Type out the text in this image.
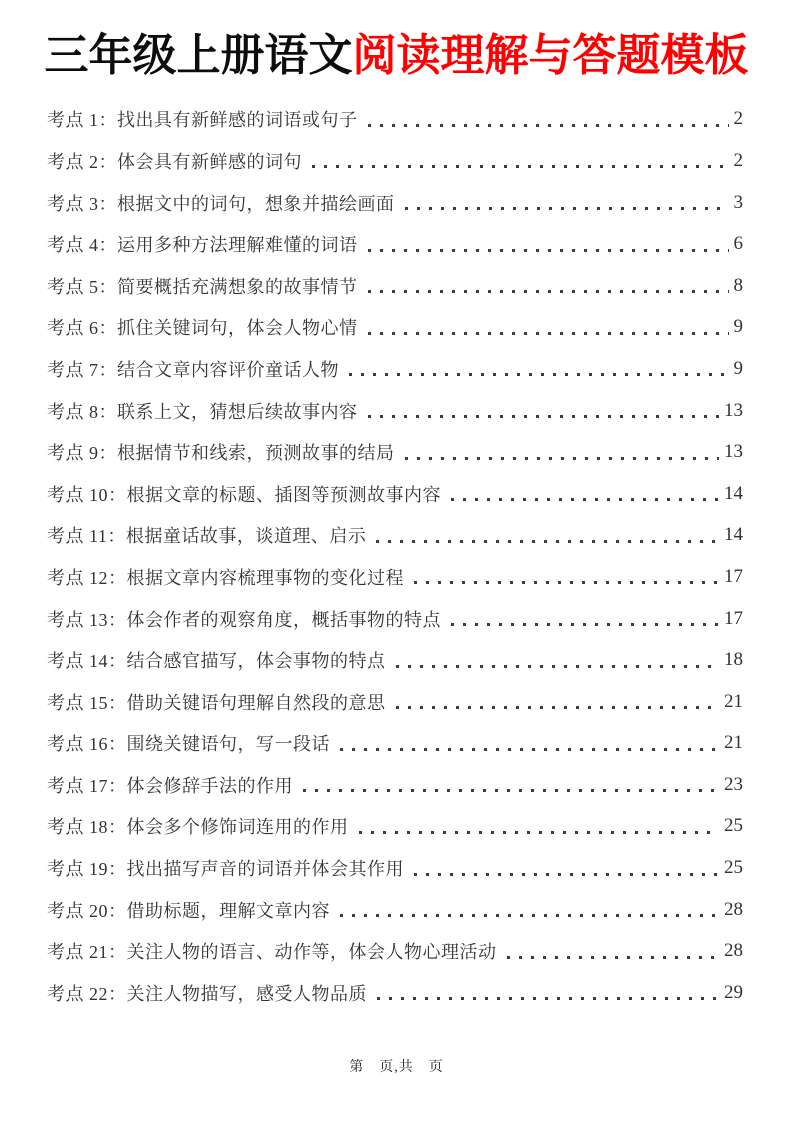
三年级上册语文阅读理解与答题模板
考点 1：找出具有新鲜感的词语或句子	2
考点 2：体会具有新鲜感的词句	2
考点 3：根据文中的词句，想象并描绘画面	3
考点 4：运用多种方法理解难懂的词语	6
考点 5：简要概括充满想象的故事情节	8
考点 6：抓住关键词句，体会人物心情	9
考点 7：结合文章内容评价童话人物	9
考点 8：联系上文，猜想后续故事内容	13
考点 9：根据情节和线索，预测故事的结局	13
考点 10：根据文章的标题、插图等预测故事内容	14
考点 11：根据童话故事，谈道理、启示	14
考点 12：根据文章内容梳理事物的变化过程	17
考点 13：体会作者的观察角度，概括事物的特点	17
考点 14：结合感官描写，体会事物的特点	18
考点 15：借助关键语句理解自然段的意思	21
考点 16：围绕关键语句，写一段话	21
考点 17：体会修辞手法的作用	23
考点 18：体会多个修饰词连用的作用	25
考点 19：找出描写声音的词语并体会其作用	25
考点 20：借助标题，理解文章内容	28
考点 21：关注人物的语言、动作等，体会人物心理活动	28
考点 22：关注人物描写，感受人物品质	29
第　页,共　页
